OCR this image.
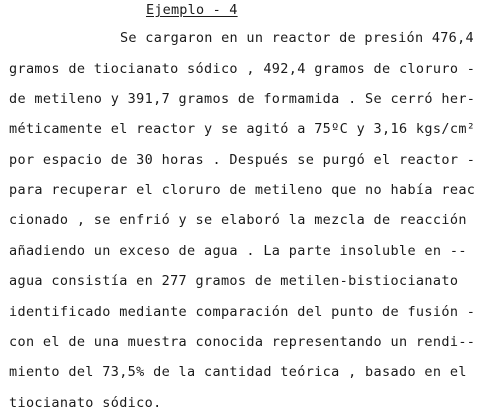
Ejemplo - 4
Se cargaron en un reactor de presión 476,4
gramos de tiocianato sódico , 492,4 gramos de cloruro -
de metileno y 391,7 gramos de formamida . Se cerró her-
méticamente el reactor y se agitó a 75ºC y 3,16 kgs/cm²
por espacio de 30 horas . Después se purgó el reactor -
para recuperar el cloruro de metileno que no había reac
cionado , se enfrió y se elaboró la mezcla de reacción
añadiendo un exceso de agua . La parte insoluble en --
agua consistía en 277 gramos de metilen-bistiocianato
identificado mediante comparación del punto de fusión -
con el de una muestra conocida representando un rendi--
miento del 73,5% de la cantidad teórica , basado en el
tiocianato sódico.
